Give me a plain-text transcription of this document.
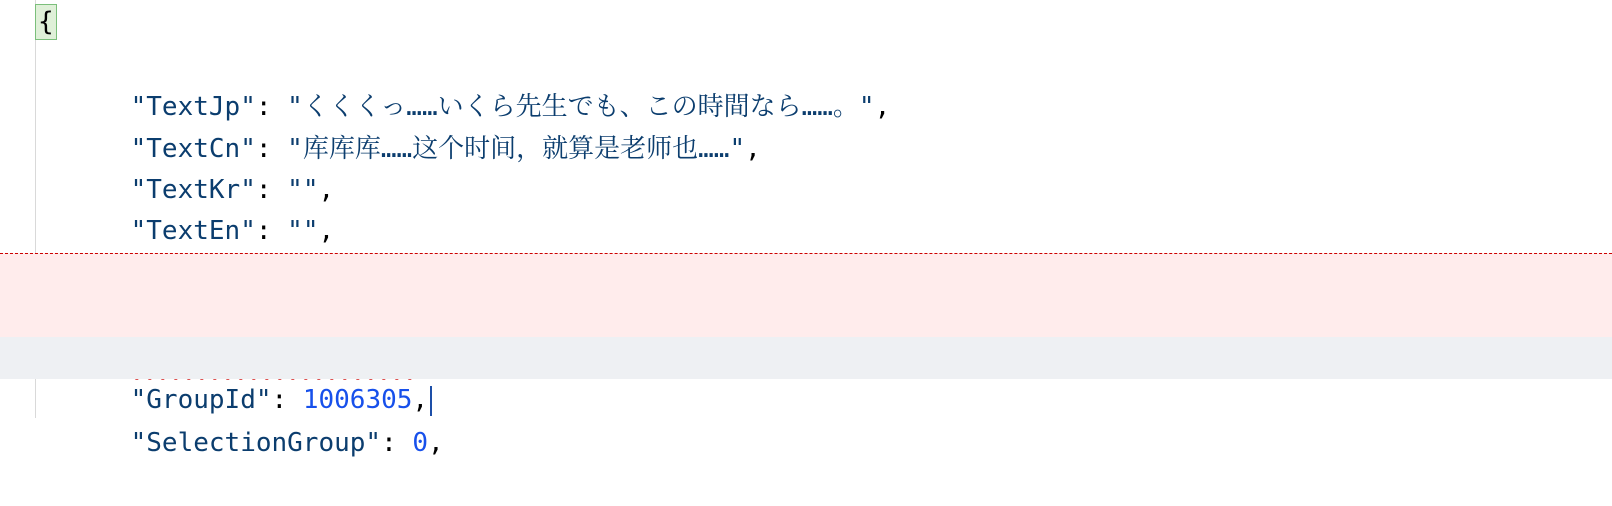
{

"TextJp": "くくくっ……いくら先生でも、この時間なら……。",

"TextCn": "库库库……这个时间，就算是老师也……",

"TextKr": "",

"TextEn": "",

"GroupId": 1006305,

"SelectionGroup": 0,
